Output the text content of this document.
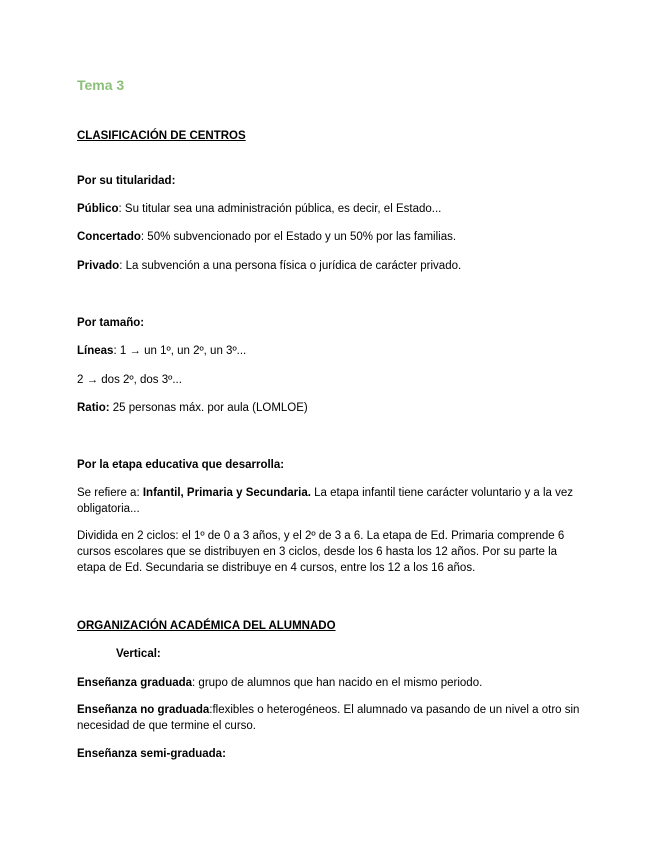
Tema 3

CLASIFICACIÓN DE CENTROS

Por su titularidad:

Público: Su titular sea una administración pública, es decir, el Estado...

Concertado: 50% subvencionado por el Estado y un 50% por las familias.

Privado: La subvención a una persona física o jurídica de carácter privado.

Por tamaño:

Líneas: 1 → un 1º, un 2º, un 3º...

2 → dos 2º, dos 3º...

Ratio: 25 personas máx. por aula (LOMLOE)

Por la etapa educativa que desarrolla:

Se refiere a: Infantil, Primaria y Secundaria. La etapa infantil tiene carácter voluntario y a la vez obligatoria...

Dividida en 2 ciclos: el 1º de 0 a 3 años, y el 2º de 3 a 6. La etapa de Ed. Primaria comprende 6 cursos escolares que se distribuyen en 3 ciclos, desde los 6 hasta los 12 años. Por su parte la etapa de Ed. Secundaria se distribuye en 4 cursos, entre los 12 a los 16 años.

ORGANIZACIÓN ACADÉMICA DEL ALUMNADO

Vertical:

Enseñanza graduada: grupo de alumnos que han nacido en el mismo periodo.

Enseñanza no graduada:flexibles o heterogéneos. El alumnado va pasando de un nivel a otro sin necesidad de que termine el curso.

Enseñanza semi-graduada:
